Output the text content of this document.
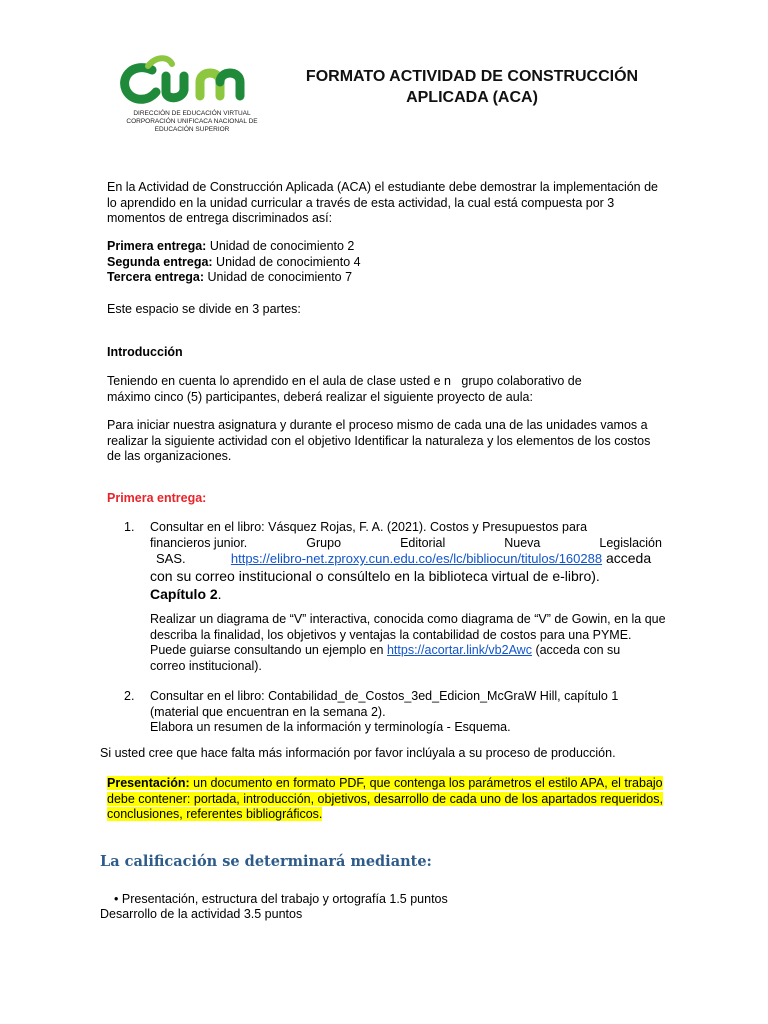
DIRECCIÓN DE EDUCACIÓN VIRTUAL
CORPORACIÓN UNIFICACA NACIONAL DE
EDUCACIÓN SUPERIOR
FORMATO ACTIVIDAD DE CONSTRUCCIÓN
APLICADA (ACA)
En la Actividad de Construcción Aplicada (ACA) el estudiante debe demostrar la implementación de
lo aprendido en la unidad curricular a través de esta actividad, la cual está compuesta por 3
momentos de entrega discriminados así:
Primera entrega: Unidad de conocimiento 2
Segunda entrega: Unidad de conocimiento 4
Tercera entrega: Unidad de conocimiento 7
Este espacio se divide en 3 partes:
Introducción
Teniendo en cuenta lo aprendido en el aula de clase usted e n   grupo colaborativo de
máximo cinco (5) participantes, deberá realizar el siguiente proyecto de aula:
Para iniciar nuestra asignatura y durante el proceso mismo de cada una de las unidades vamos a
realizar la siguiente actividad con el objetivo Identificar la naturaleza y los elementos de los costos
de las organizaciones.
Primera entrega:
1. Consultar en el libro: Vásquez Rojas, F. A. (2021). Costos y Presupuestos para
financieros junior.	Grupo	Editorial	Nueva	Legislación
SAS.	https://elibro-net.zproxy.cun.edu.co/es/lc/bibliocun/titulos/160288 acceda
con su correo institucional o consúltelo en la biblioteca virtual de e-libro).
Capítulo 2.
Realizar un diagrama de “V” interactiva, conocida como diagrama de “V” de Gowin, en la que
describa la finalidad, los objetivos y ventajas la contabilidad de costos para una PYME.
Puede guiarse consultando un ejemplo en https://acortar.link/vb2Awc (acceda con su
correo institucional).
2. Consultar en el libro: Contabilidad_de_Costos_3ed_Edicion_McGraW Hill, capítulo 1
(material que encuentran en la semana 2).
Elabora un resumen de la información y terminología - Esquema.
Si usted cree que hace falta más información por favor inclúyala a su proceso de producción.
Presentación: un documento en formato PDF, que contenga los parámetros el estilo APA, el trabajo
debe contener: portada, introducción, objetivos, desarrollo de cada uno de los apartados requeridos,
conclusiones, referentes bibliográficos.
La calificación se determinará mediante:
• Presentación, estructura del trabajo y ortografía 1.5 puntos
Desarrollo de la actividad 3.5 puntos
